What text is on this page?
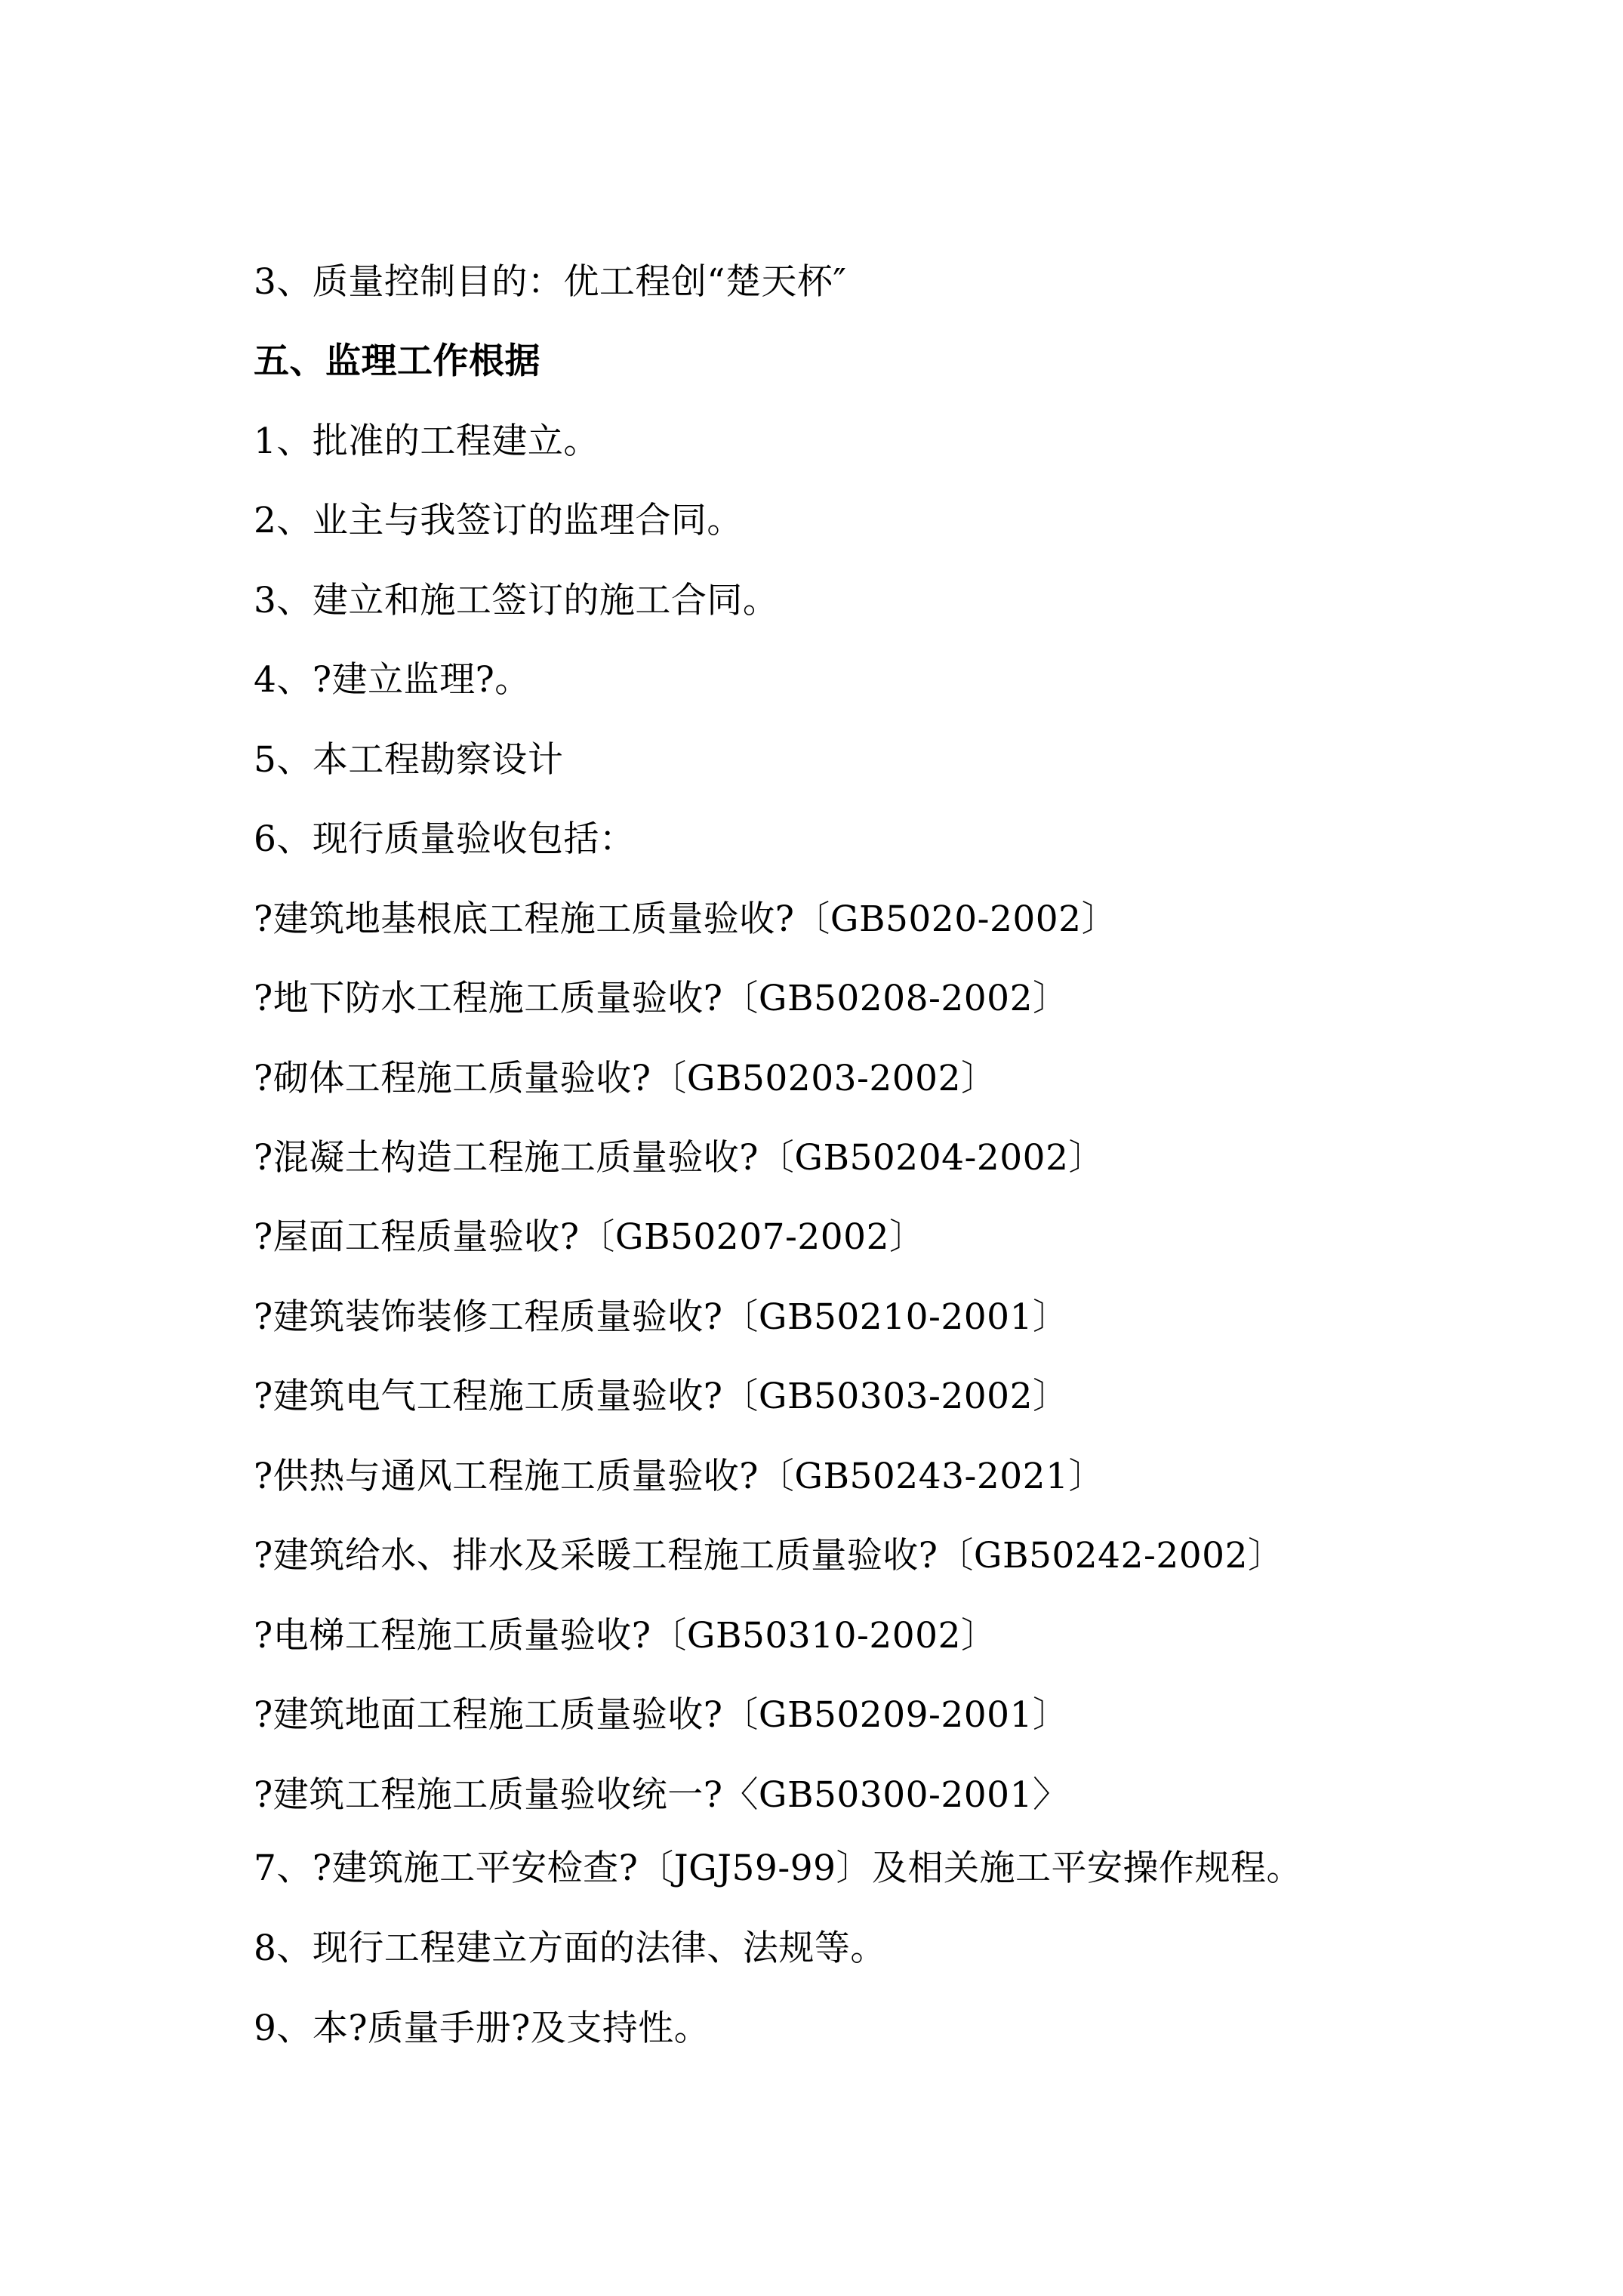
3、质量控制目的：优工程创“楚天杯″
五、监理工作根据
1、批准的工程建立。
2、业主与我签订的监理合同。
3、建立和施工签订的施工合同。
4、?建立监理?。
5、本工程勘察设计
6、现行质量验收包括：
?建筑地基根底工程施工质量验收?〔GB5020-2002〕
?地下防水工程施工质量验收?〔GB50208-2002〕
?砌体工程施工质量验收?〔GB50203-2002〕
?混凝土构造工程施工质量验收?〔GB50204-2002〕
?屋面工程质量验收?〔GB50207-2002〕
?建筑装饰装修工程质量验收?〔GB50210-2001〕
?建筑电气工程施工质量验收?〔GB50303-2002〕
?供热与通风工程施工质量验收?〔GB50243-2021〕
?建筑给水、排水及采暖工程施工质量验收?〔GB50242-2002〕
?电梯工程施工质量验收?〔GB50310-2002〕
?建筑地面工程施工质量验收?〔GB50209-2001〕
?建筑工程施工质量验收统一?〈GB50300-2001〉
7、?建筑施工平安检查?〔JGJ59-99〕及相关施工平安操作规程。
8、现行工程建立方面的法律、法规等。
9、本?质量手册?及支持性。
